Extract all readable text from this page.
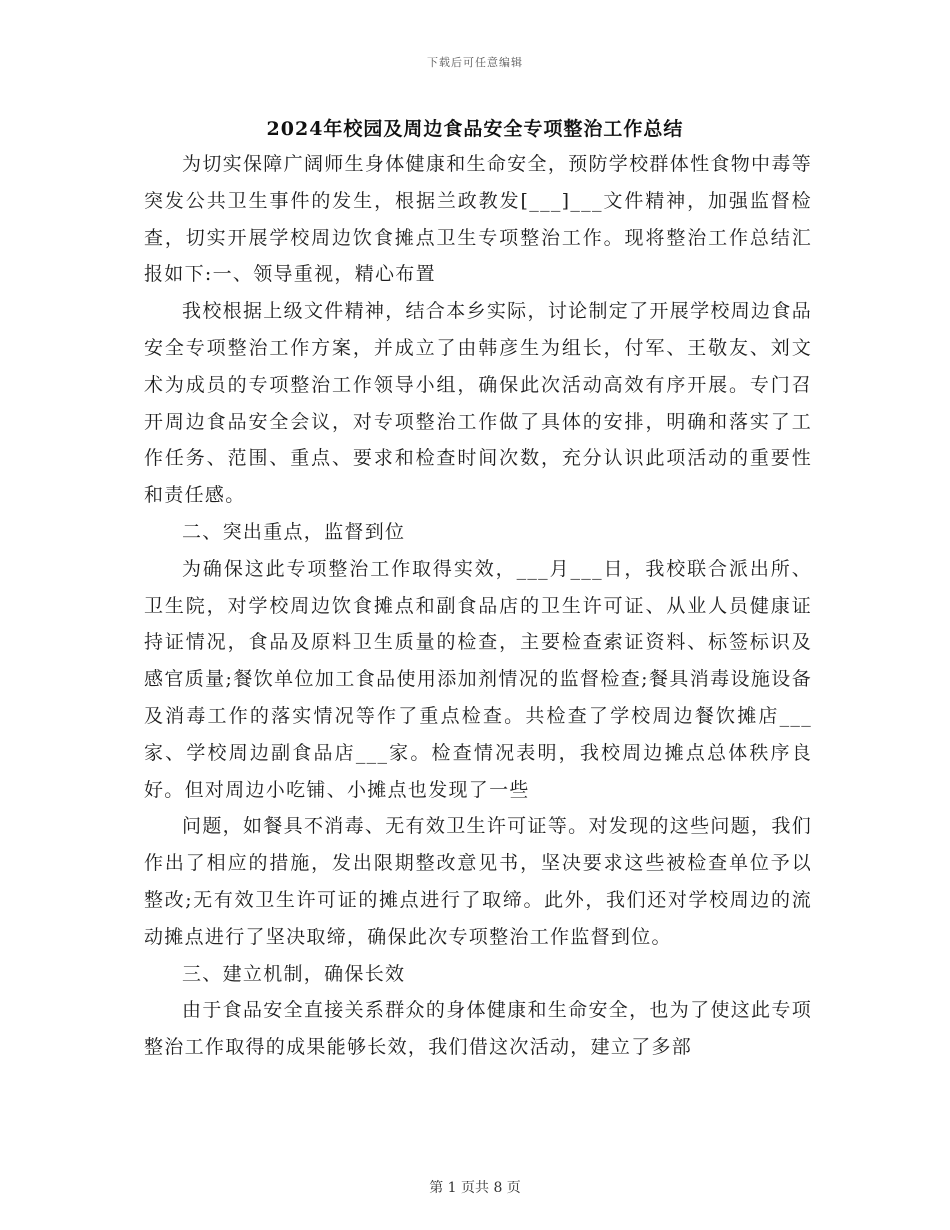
下载后可任意编辑
2024年校园及周边食品安全专项整治工作总结

为切实保障广阔师生身体健康和生命安全，预防学校群体性食物中毒等突发公共卫生事件的发生，根据兰政教发[___]___文件精神，加强监督检查，切实开展学校周边饮食摊点卫生专项整治工作。现将整治工作总结汇报如下:一、领导重视，精心布置

我校根据上级文件精神，结合本乡实际，讨论制定了开展学校周边食品安全专项整治工作方案，并成立了由韩彦生为组长，付军、王敬友、刘文术为成员的专项整治工作领导小组，确保此次活动高效有序开展。专门召开周边食品安全会议，对专项整治工作做了具体的安排，明确和落实了工作任务、范围、重点、要求和检查时间次数，充分认识此项活动的重要性和责任感。

二、突出重点，监督到位

为确保这此专项整治工作取得实效，___月___日，我校联合派出所、卫生院，对学校周边饮食摊点和副食品店的卫生许可证、从业人员健康证持证情况，食品及原料卫生质量的检查，主要检查索证资料、标签标识及感官质量;餐饮单位加工食品使用添加剂情况的监督检查;餐具消毒设施设备及消毒工作的落实情况等作了重点检查。共检查了学校周边餐饮摊店___家、学校周边副食品店___家。检查情况表明，我校周边摊点总体秩序良好。但对周边小吃铺、小摊点也发现了一些

问题，如餐具不消毒、无有效卫生许可证等。对发现的这些问题，我们作出了相应的措施，发出限期整改意见书，坚决要求这些被检查单位予以整改;无有效卫生许可证的摊点进行了取缔。此外，我们还对学校周边的流动摊点进行了坚决取缔，确保此次专项整治工作监督到位。

三、建立机制，确保长效

由于食品安全直接关系群众的身体健康和生命安全，也为了使这此专项整治工作取得的成果能够长效，我们借这次活动，建立了多部

第 1 页共 8 页
